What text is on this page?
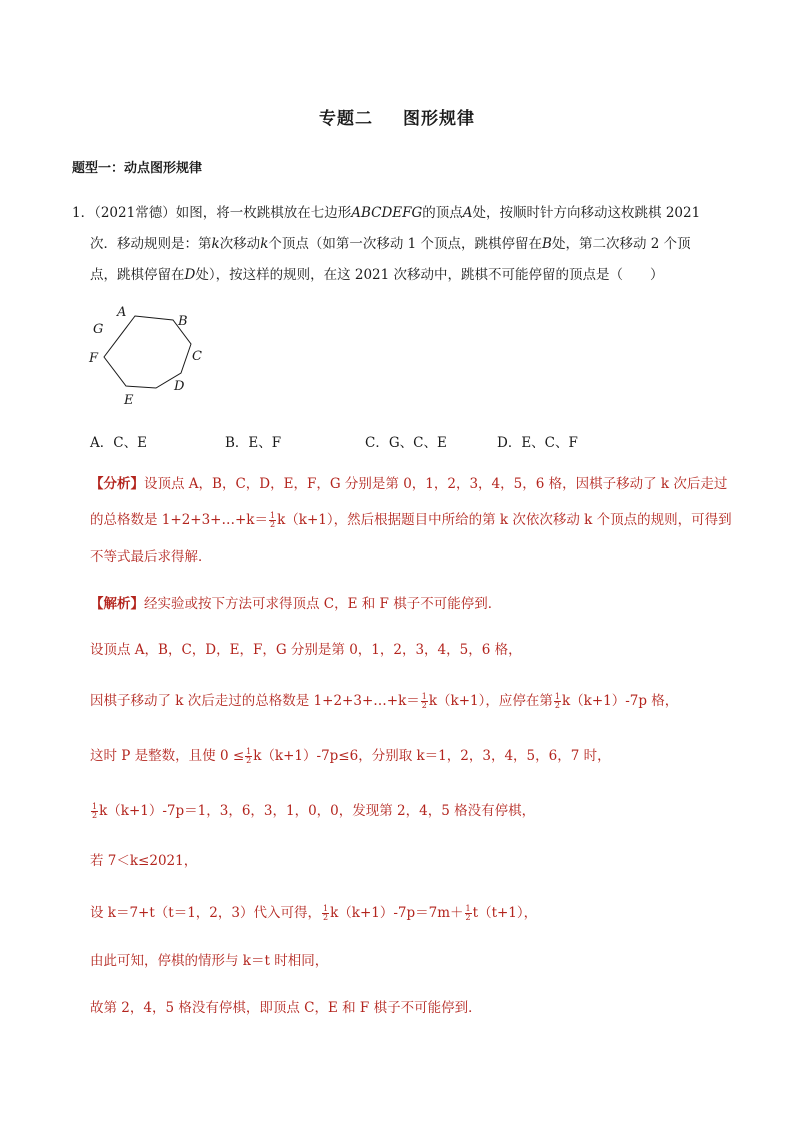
专题二 图形规律
题型一：动点图形规律
1．（2021常德）如图，将一枚跳棋放在七边形ABCDEFG的顶点A处，按顺时针方向移动这枚跳棋 2021
次．移动规则是：第k次移动k个顶点（如第一次移动 1 个顶点，跳棋停留在B处，第二次移动 2 个顶
点，跳棋停留在D处），按这样的规则，在这 2021 次移动中，跳棋不可能停留的顶点是（　　）
A
B
C
D
E
F
G
A．C、E	B．E、F	C．G、C、E	D．E、C、F
【分析】设顶点 A，B，C，D，E，F，G 分别是第 0，1，2，3，4，5，6 格，因棋子移动了 k 次后走过
的总格数是 1+2+3+…+k＝ $\frac{1}{2} k(k+1)$，然后根据题目中所给的第 k 次依次移动 k 个顶点的规则，可得到
不等式最后求得解．
【解析】经实验或按下方法可求得顶点 C，E 和 F 棋子不可能停到．
设顶点 A，B，C，D，E，F，G 分别是第 0，1，2，3，4，5，6 格，
因棋子移动了 k 次后走过的总格数是 1+2+3+…+k＝ $\frac{1}{2} k(k+1)$，应停在第 $\frac{1}{2} k(k+1)-7p$ 格，
这时 P 是整数，且使 $0 \le \frac{1}{2} k(k+1)-7p\le 6$，分别取 k＝1，2，3，4，5，6，7 时，
$\frac{1}{2} k(k+1)-7p=1$，3，6，3，1，0，0，发现第 2，4，5 格没有停棋，
若 7＜k≤2021，
设 k＝7+t（t＝1，2，3）代入可得， $\frac{1}{2} k(k+1)-7p=7m+ \frac{1}{2} t(t+1)$，
由此可知，停棋的情形与 k＝t 时相同，
故第 2，4，5 格没有停棋，即顶点 C，E 和 F 棋子不可能停到．
